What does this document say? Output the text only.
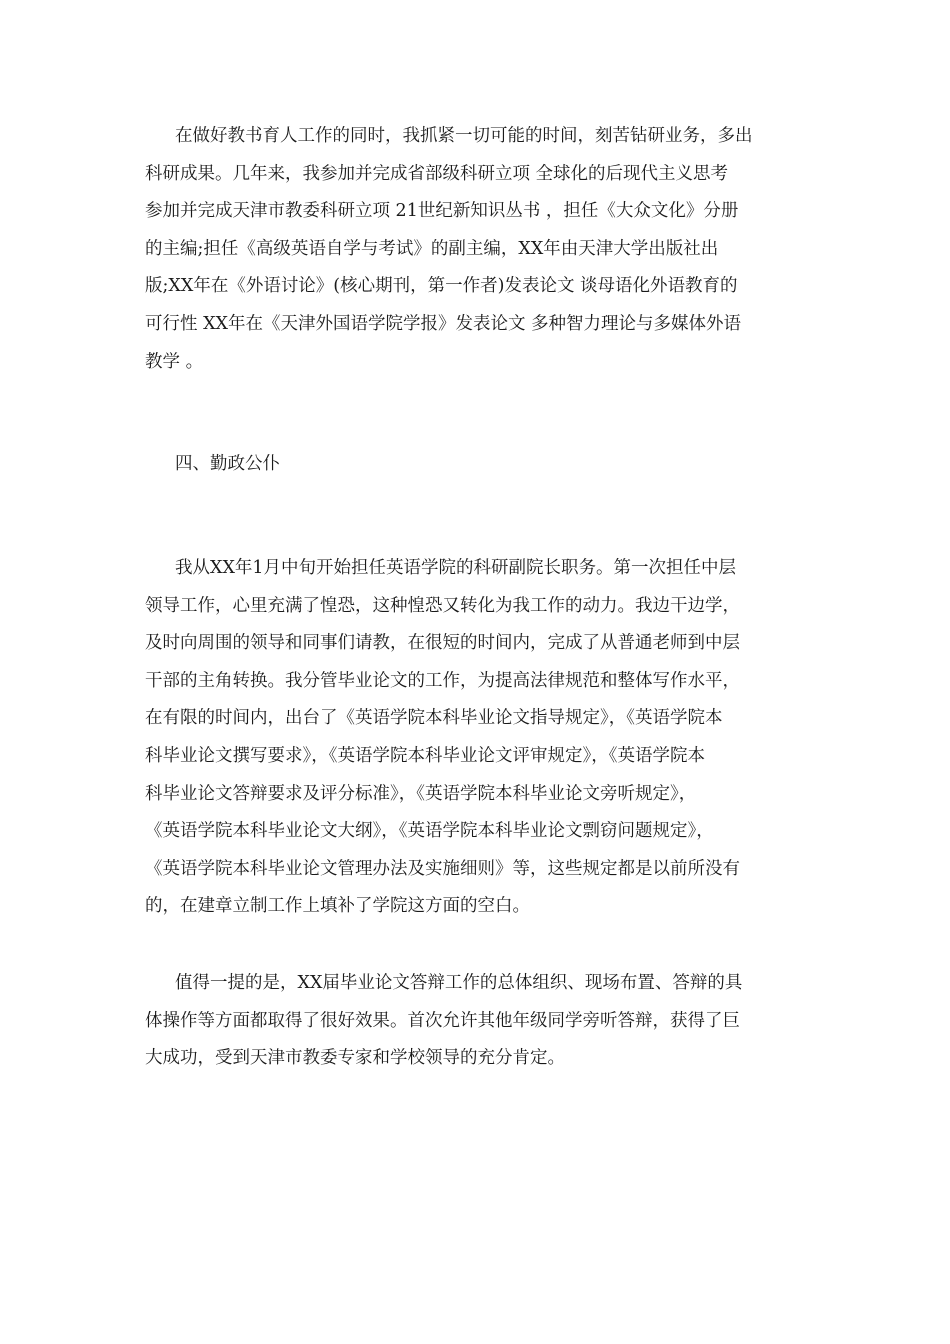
在做好教书育人工作的同时，我抓紧一切可能的时间，刻苦钻研业务，多出
科研成果。几年来，我参加并完成省部级科研立项 全球化的后现代主义思考
参加并完成天津市教委科研立项 21世纪新知识丛书 ，担任《大众文化》分册
的主编;担任《高级英语自学与考试》的副主编，XX年由天津大学出版社出
版;XX年在《外语讨论》(核心期刊，第一作者)发表论文 谈母语化外语教育的
可行性 XX年在《天津外国语学院学报》发表论文 多种智力理论与多媒体外语
教学 。

四、勤政公仆

我从XX年1月中旬开始担任英语学院的科研副院长职务。第一次担任中层
领导工作，心里充满了惶恐，这种惶恐又转化为我工作的动力。我边干边学，
及时向周围的领导和同事们请教，在很短的时间内，完成了从普通老师到中层
干部的主角转换。我分管毕业论文的工作，为提高法律规范和整体写作水平，
在有限的时间内，出台了《英语学院本科毕业论文指导规定》，《英语学院本
科毕业论文撰写要求》，《英语学院本科毕业论文评审规定》，《英语学院本
科毕业论文答辩要求及评分标准》，《英语学院本科毕业论文旁听规定》，
《英语学院本科毕业论文大纲》，《英语学院本科毕业论文剽窃问题规定》，
《英语学院本科毕业论文管理办法及实施细则》等，这些规定都是以前所没有
的，在建章立制工作上填补了学院这方面的空白。

值得一提的是，XX届毕业论文答辩工作的总体组织、现场布置、答辩的具
体操作等方面都取得了很好效果。首次允许其他年级同学旁听答辩，获得了巨
大成功，受到天津市教委专家和学校领导的充分肯定。
